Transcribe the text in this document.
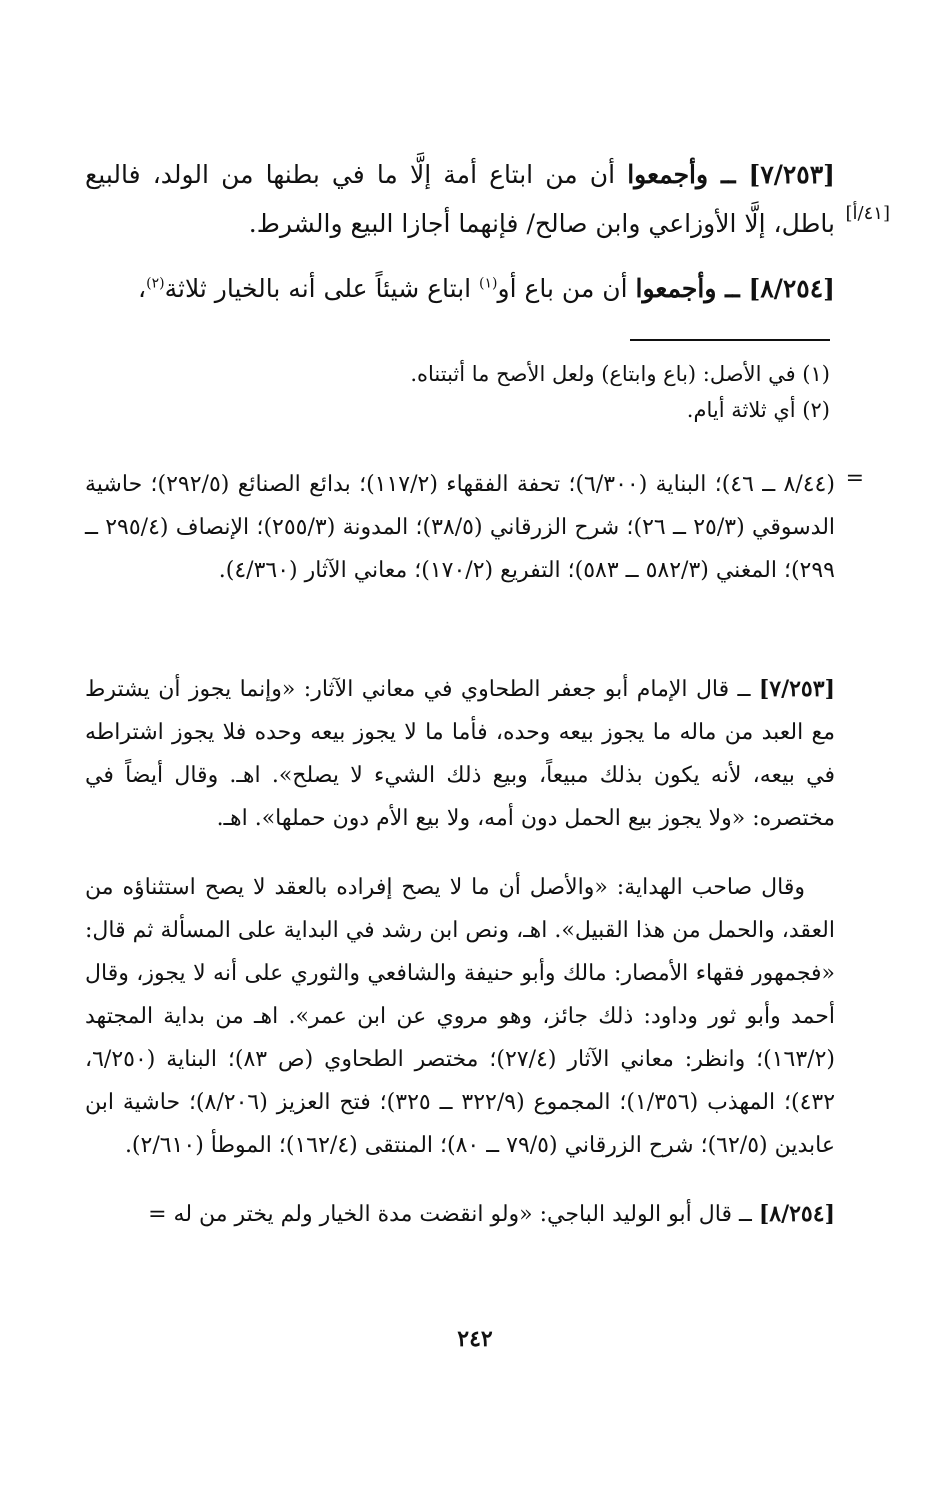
[٤١/أ]

[٧/٢٥٣] ــ وأجمعوا أن من ابتاع أمة إلَّا ما في بطنها من الولد، فالبيع باطل، إلَّا الأوزاعي وابن صالح/ فإنهما أجازا البيع والشرط.

[٨/٢٥٤] ــ وأجمعوا أن من باع أو$^{(١)}$ ابتاع شيئاً على أنه بالخيار ثلاثة$^{(٢)}$،

(١) في الأصل: (باع وابتاع) ولعل الأصح ما أثبتناه.
(٢) أي ثلاثة أيام.
=
(٨/٤٤ ــ ٤٦)؛ البناية (٦/٣٠٠)؛ تحفة الفقهاء (١١٧/٢)؛ بدائع الصنائع (٢٩٢/٥)؛ حاشية الدسوقي (٢٥/٣ ــ ٢٦)؛ شرح الزرقاني (٣٨/٥)؛ المدونة (٢٥٥/٣)؛ الإنصاف (٢٩٥/٤ ــ ٢٩٩)؛ المغني (٥٨٢/٣ ــ ٥٨٣)؛ التفريع (١٧٠/٢)؛ معاني الآثار (٤/٣٦٠).

[٧/٢٥٣] ــ قال الإمام أبو جعفر الطحاوي في معاني الآثار: «وإنما يجوز أن يشترط مع العبد من ماله ما يجوز بيعه وحده، فأما ما لا يجوز بيعه وحده فلا يجوز اشتراطه في بيعه، لأنه يكون بذلك مبيعاً، وبيع ذلك الشيء لا يصلح». اهـ. وقال أيضاً في مختصره: «ولا يجوز بيع الحمل دون أمه، ولا بيع الأم دون حملها». اهـ.

وقال صاحب الهداية: «والأصل أن ما لا يصح إفراده بالعقد لا يصح استثناؤه من العقد، والحمل من هذا القبيل». اهـ، ونص ابن رشد في البداية على المسألة ثم قال: «فجمهور فقهاء الأمصار: مالك وأبو حنيفة والشافعي والثوري على أنه لا يجوز، وقال أحمد وأبو ثور وداود: ذلك جائز، وهو مروي عن ابن عمر». اهـ من بداية المجتهد (١٦٣/٢)؛ وانظر: معاني الآثار (٢٧/٤)؛ مختصر الطحاوي (ص ٨٣)؛ البناية (٦/٢٥٠، ٤٣٢)؛ المهذب (١/٣٥٦)؛ المجموع (٣٢٢/٩ ــ ٣٢٥)؛ فتح العزيز (٨/٢٠٦)؛ حاشية ابن عابدين (٦٢/٥)؛ شرح الزرقاني (٧٩/٥ ــ ٨٠)؛ المنتقى (١٦٢/٤)؛ الموطأ (٢/٦١٠).

[٨/٢٥٤] ــ قال أبو الوليد الباجي: «ولو انقضت مدة الخيار ولم يختر من له =

٢٤٢
